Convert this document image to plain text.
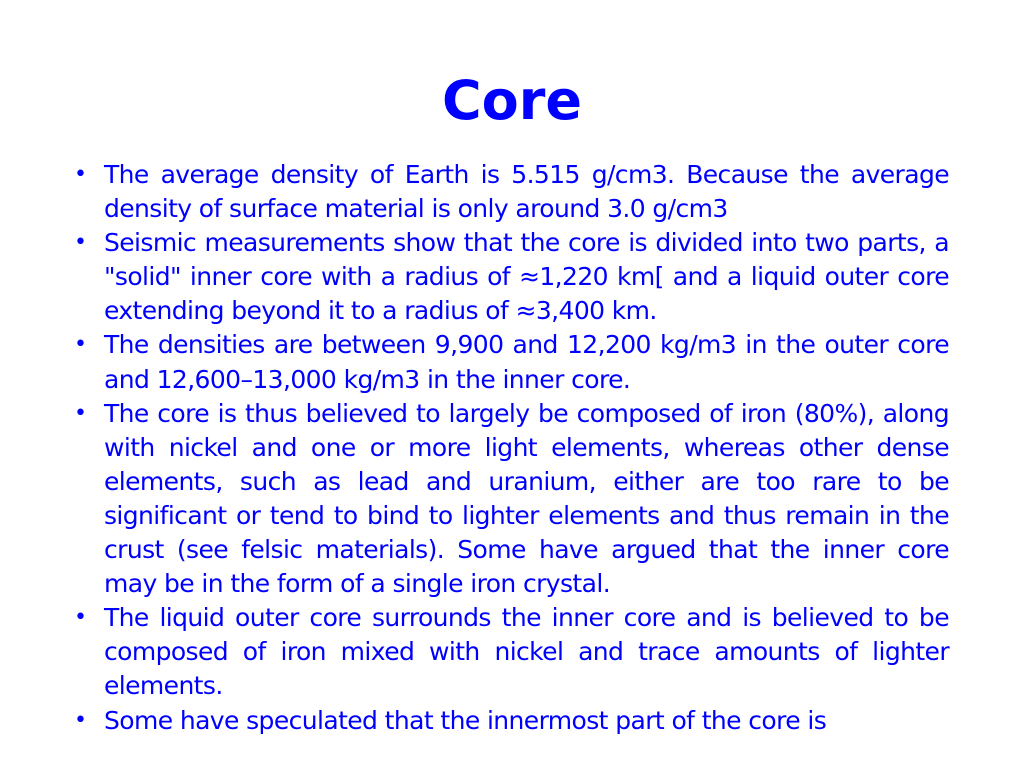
Core
• The average density of Earth is 5.515 g/cm3. Because the average density of surface material is only around 3.0 g/cm3
• Seismic measurements show that the core is divided into two parts, a "solid" inner core with a radius of ≈1,220 km[ and a liquid outer core extending beyond it to a radius of ≈3,400 km.
• The densities are between 9,900 and 12,200 kg/m3 in the outer core and 12,600–13,000 kg/m3 in the inner core.
• The core is thus believed to largely be composed of iron (80%), along with nickel and one or more light elements, whereas other dense elements, such as lead and uranium, either are too rare to be significant or tend to bind to lighter elements and thus remain in the crust (see felsic materials). Some have argued that the inner core may be in the form of a single iron crystal.
• The liquid outer core surrounds the inner core and is believed to be composed of iron mixed with nickel and trace amounts of lighter elements.
• Some have speculated that the innermost part of the core is
